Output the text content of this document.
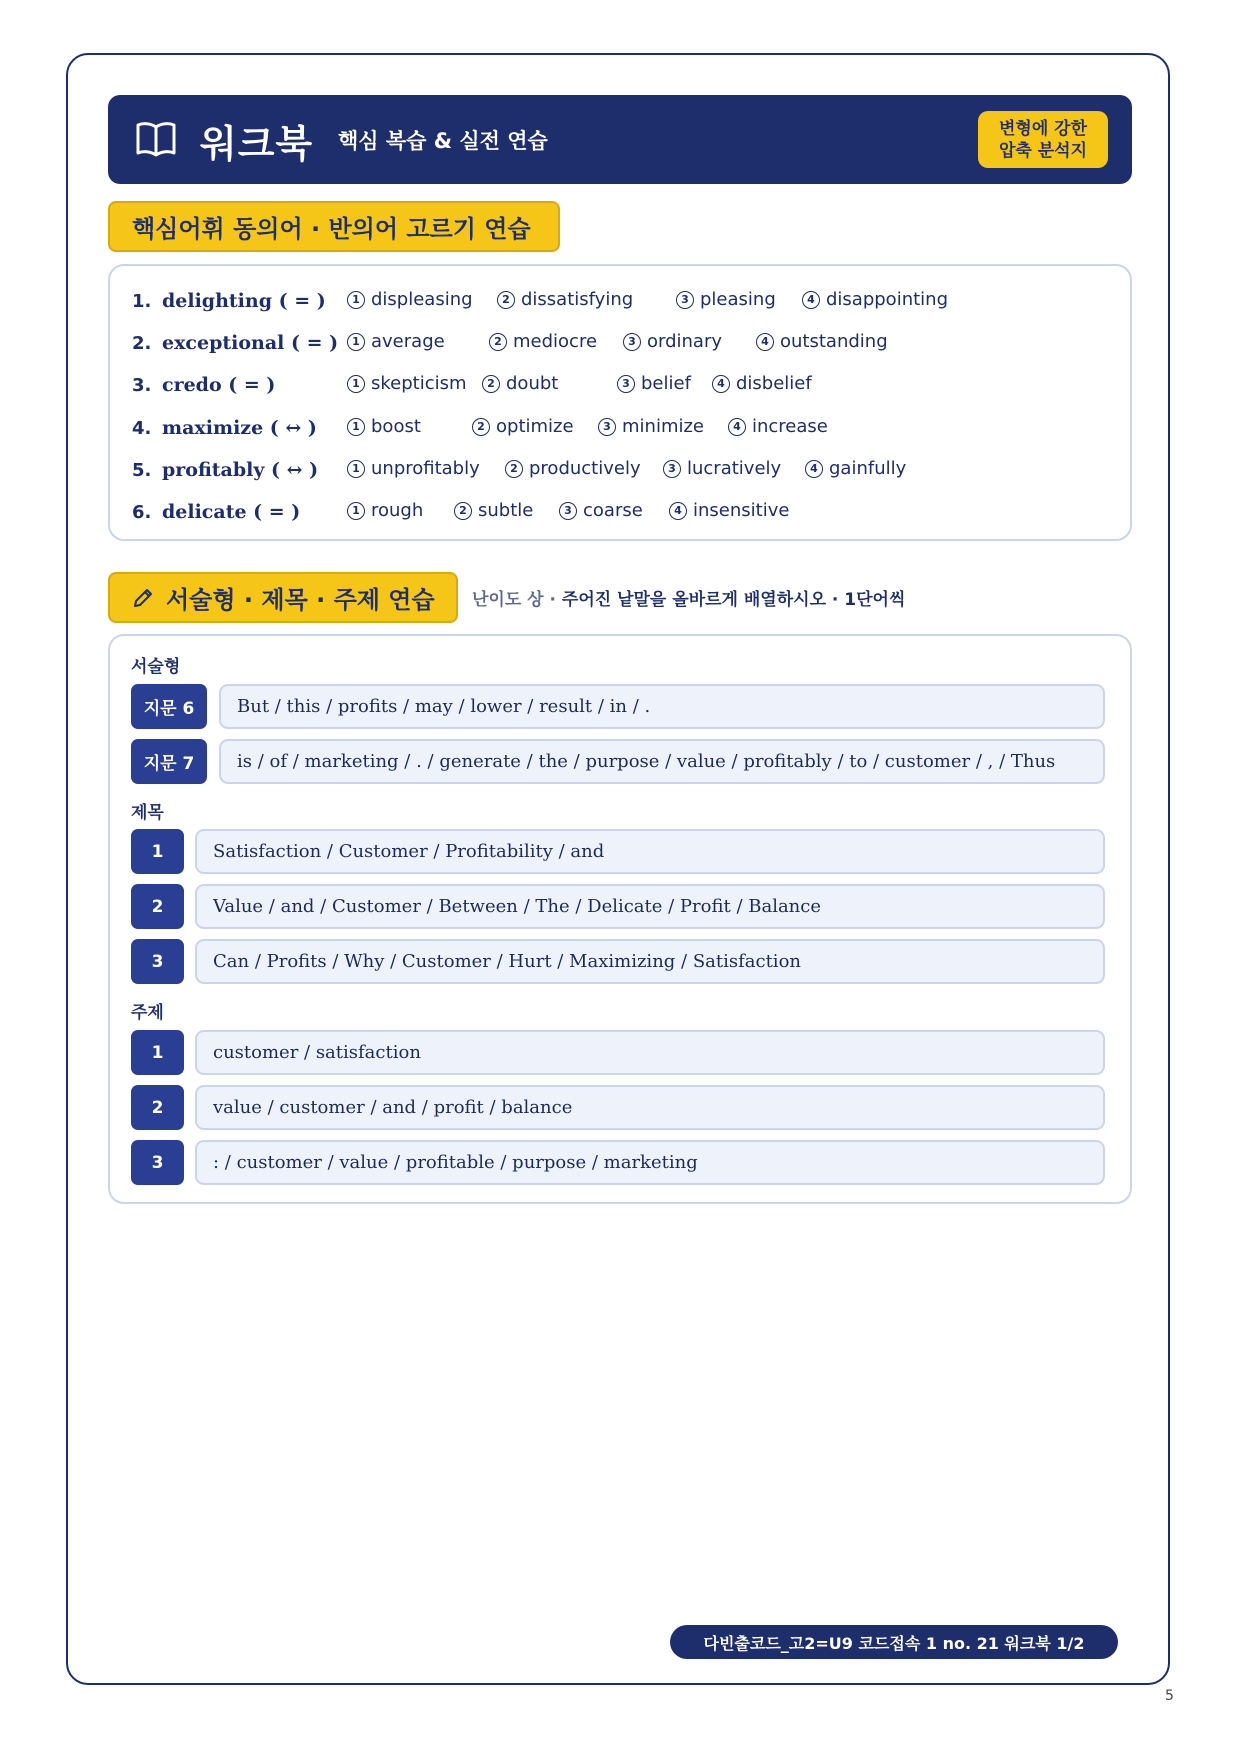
워크북 핵심 복습 & 실전 연습
변형에 강한
압축 분석지
핵심어휘 동의어 · 반의어 고르기 연습
1. delighting ( = )	1 displeasing	2 dissatisfying	3 pleasing	4 disappointing
2. exceptional ( = )	1 average	2 mediocre	3 ordinary	4 outstanding
3. credo ( = )	1 skepticism	2 doubt	3 belief	4 disbelief
4. maximize ( ↔ )	1 boost	2 optimize	3 minimize	4 increase
5. profitably ( ↔ )	1 unprofitably	2 productively	3 lucratively	4 gainfully
6. delicate ( = )	1 rough	2 subtle	3 coarse	4 insensitive
서술형 · 제목 · 주제 연습 난이도 상 · 주어진 낱말을 올바르게 배열하시오 · 1단어씩
서술형
지문 6	But / this / profits / may / lower / result / in / .
지문 7	is / of / marketing / . / generate / the / purpose / value / profitably / to / customer / , / Thus
제목
1	Satisfaction / Customer / Profitability / and
2	Value / and / Customer / Between / The / Delicate / Profit / Balance
3	Can / Profits / Why / Customer / Hurt / Maximizing / Satisfaction
주제
1	customer / satisfaction
2	value / customer / and / profit / balance
3	: / customer / value / profitable / purpose / marketing
다빈출코드_고2=U9 코드접속 1 no. 21 워크북 1/2
5
